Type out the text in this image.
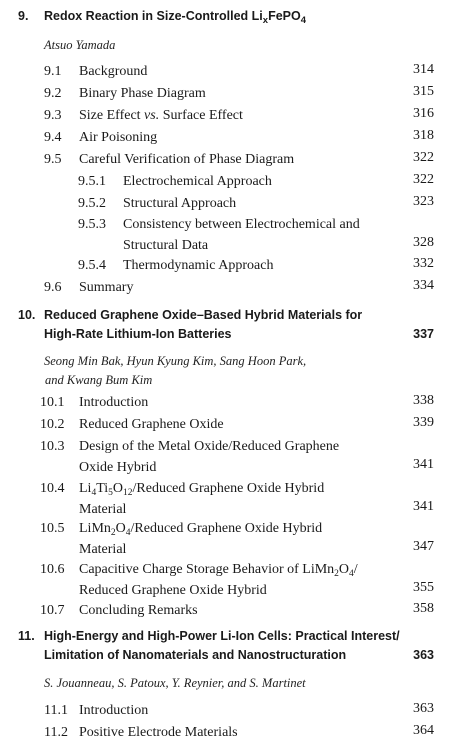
9. Redox Reaction in Size-Controlled $Li_xFePO_4$
Atsuo Yamada
9.1 Background	314
9.2 Binary Phase Diagram	315
9.3 Size Effect vs. Surface Effect	316
9.4 Air Poisoning	318
9.5 Careful Verification of Phase Diagram	322
9.5.1 Electrochemical Approach	322
9.5.2 Structural Approach	323
9.5.3 Consistency between Electrochemical and
Structural Data	328
9.5.4 Thermodynamic Approach	332
9.6 Summary	334
10. Reduced Graphene Oxide–Based Hybrid Materials for
High-Rate Lithium-Ion Batteries	337
Seong Min Bak, Hyun Kyung Kim, Sang Hoon Park,
and Kwang Bum Kim
10.1 Introduction	338
10.2 Reduced Graphene Oxide	339
10.3 Design of the Metal Oxide/Reduced Graphene
Oxide Hybrid	341
10.4 $Li_4Ti_5O_{12}$/Reduced Graphene Oxide Hybrid
Material	341
10.5 $LiMn_2O_4$/Reduced Graphene Oxide Hybrid
Material	347
10.6 Capacitive Charge Storage Behavior of $LiMn_2O_4/$
Reduced Graphene Oxide Hybrid	355
10.7 Concluding Remarks	358
11. High-Energy and High-Power Li-Ion Cells: Practical Interest/
Limitation of Nanomaterials and Nanostructuration	363
S. Jouanneau, S. Patoux, Y. Reynier, and S. Martinet
11.1 Introduction	363
11.2 Positive Electrode Materials	364
